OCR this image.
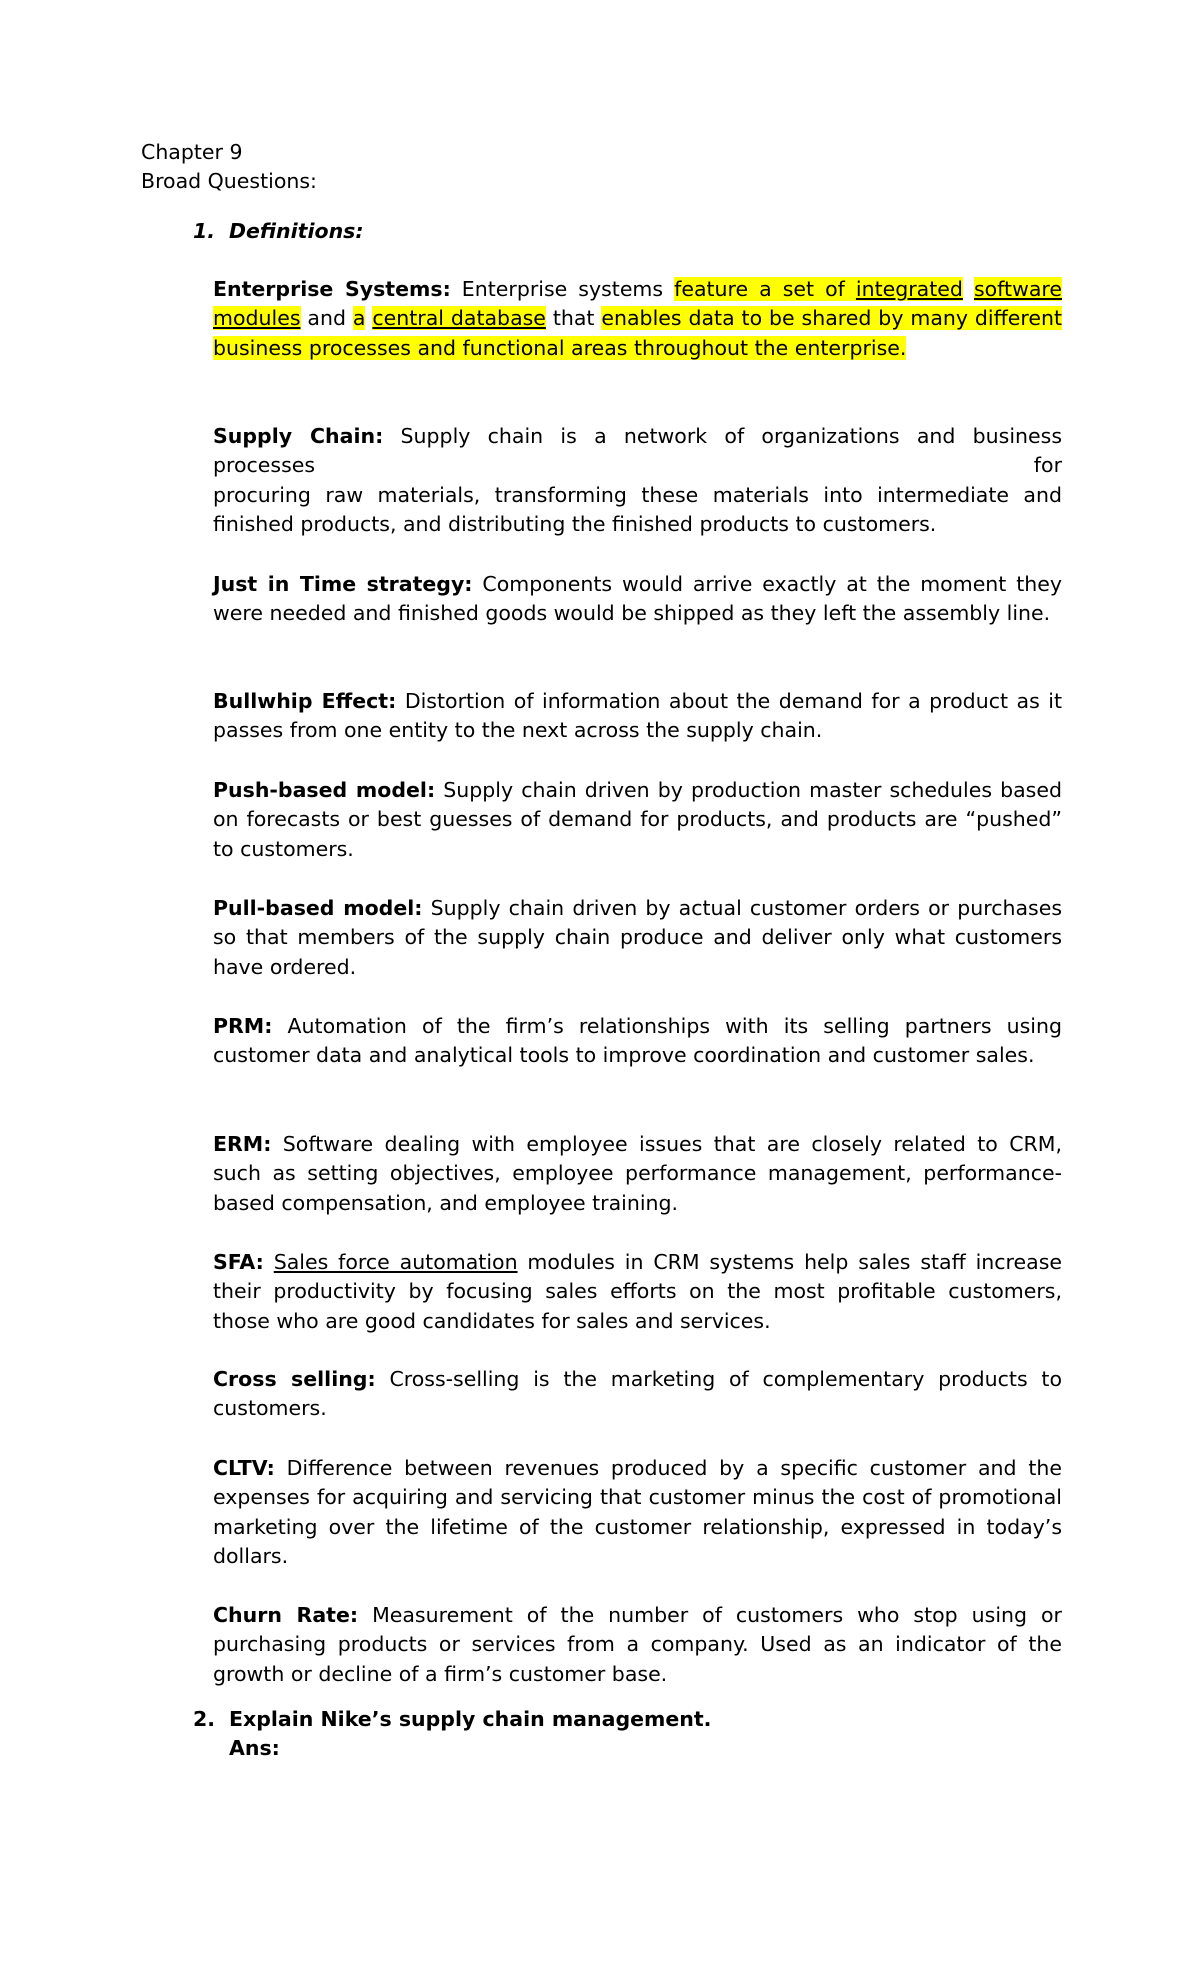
Chapter 9
Broad Questions:
1. Definitions:
Enterprise Systems: Enterprise systems feature a set of integrated software modules and a central database that enables data to be shared by many different business processes and functional areas throughout the enterprise.
Supply Chain: Supply chain is a network of organizations and business processes for
procuring raw materials, transforming these materials into intermediate and finished products, and distributing the finished products to customers.
Just in Time strategy: Components would arrive exactly at the moment they were needed and finished goods would be shipped as they left the assembly line.
Bullwhip Effect: Distortion of information about the demand for a product as it passes from one entity to the next across the supply chain.
Push-based model: Supply chain driven by production master schedules based on forecasts or best guesses of demand for products, and products are “pushed” to customers.
Pull-based model: Supply chain driven by actual customer orders or purchases so that members of the supply chain produce and deliver only what customers have ordered.
PRM: Automation of the firm’s relationships with its selling partners using customer data and analytical tools to improve coordination and customer sales.
ERM: Software dealing with employee issues that are closely related to CRM, such as setting objectives, employee performance management, performance-based compensation, and employee training.
SFA: Sales force automation modules in CRM systems help sales staff increase their productivity by focusing sales efforts on the most profitable customers, those who are good candidates for sales and services.
Cross selling: Cross-selling is the marketing of complementary products to customers.
CLTV: Difference between revenues produced by a specific customer and the expenses for acquiring and servicing that customer minus the cost of promotional marketing over the lifetime of the customer relationship, expressed in today’s dollars.
Churn Rate: Measurement of the number of customers who stop using or purchasing products or services from a company. Used as an indicator of the growth or decline of a firm’s customer base.
2. Explain Nike’s supply chain management.
Ans:
